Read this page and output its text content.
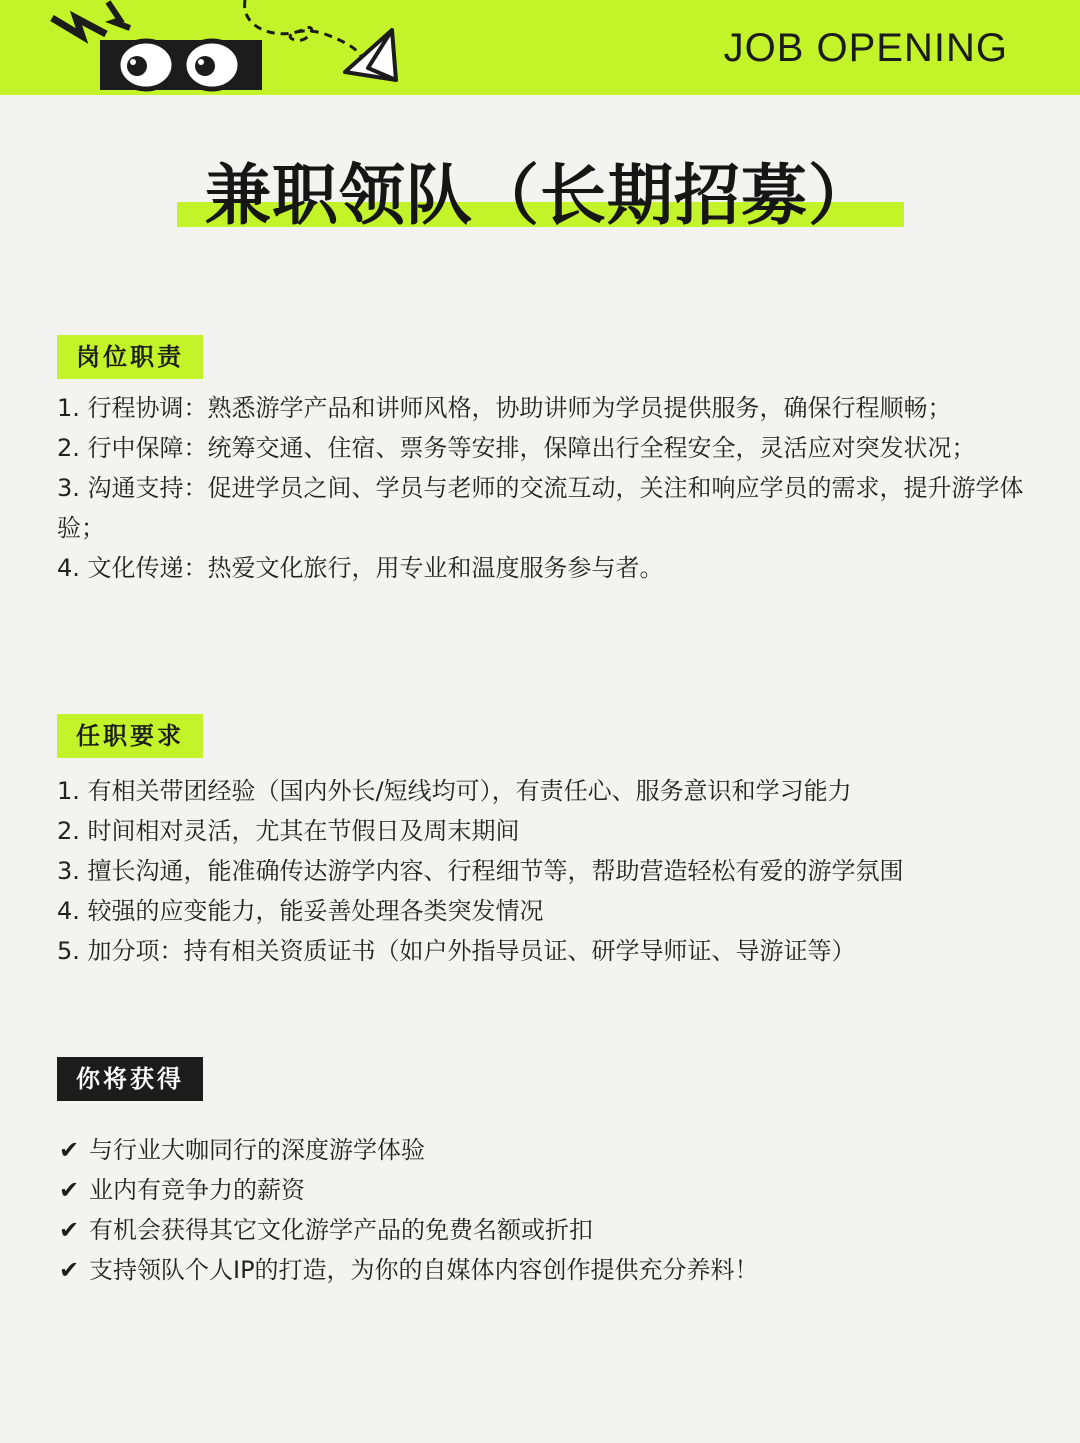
JOB OPENING
兼职领队（长期招募）
岗位职责
1. 行程协调：熟悉游学产品和讲师风格，协助讲师为学员提供服务，确保行程顺畅；
2. 行中保障：统筹交通、住宿、票务等安排，保障出行全程安全，灵活应对突发状况；
3. 沟通支持：促进学员之间、学员与老师的交流互动，关注和响应学员的需求，提升游学体验；
4. 文化传递：热爱文化旅行，用专业和温度服务参与者。
任职要求
1. 有相关带团经验（国内外长/短线均可），有责任心、服务意识和学习能力
2. 时间相对灵活，尤其在节假日及周末期间
3. 擅长沟通，能准确传达游学内容、行程细节等，帮助营造轻松有爱的游学氛围
4. 较强的应变能力，能妥善处理各类突发情况
5. 加分项：持有相关资质证书（如户外指导员证、研学导师证、导游证等）
你将获得
✔ 与行业大咖同行的深度游学体验
✔ 业内有竞争力的薪资
✔ 有机会获得其它文化游学产品的免费名额或折扣
✔ 支持领队个人IP的打造，为你的自媒体内容创作提供充分养料！
